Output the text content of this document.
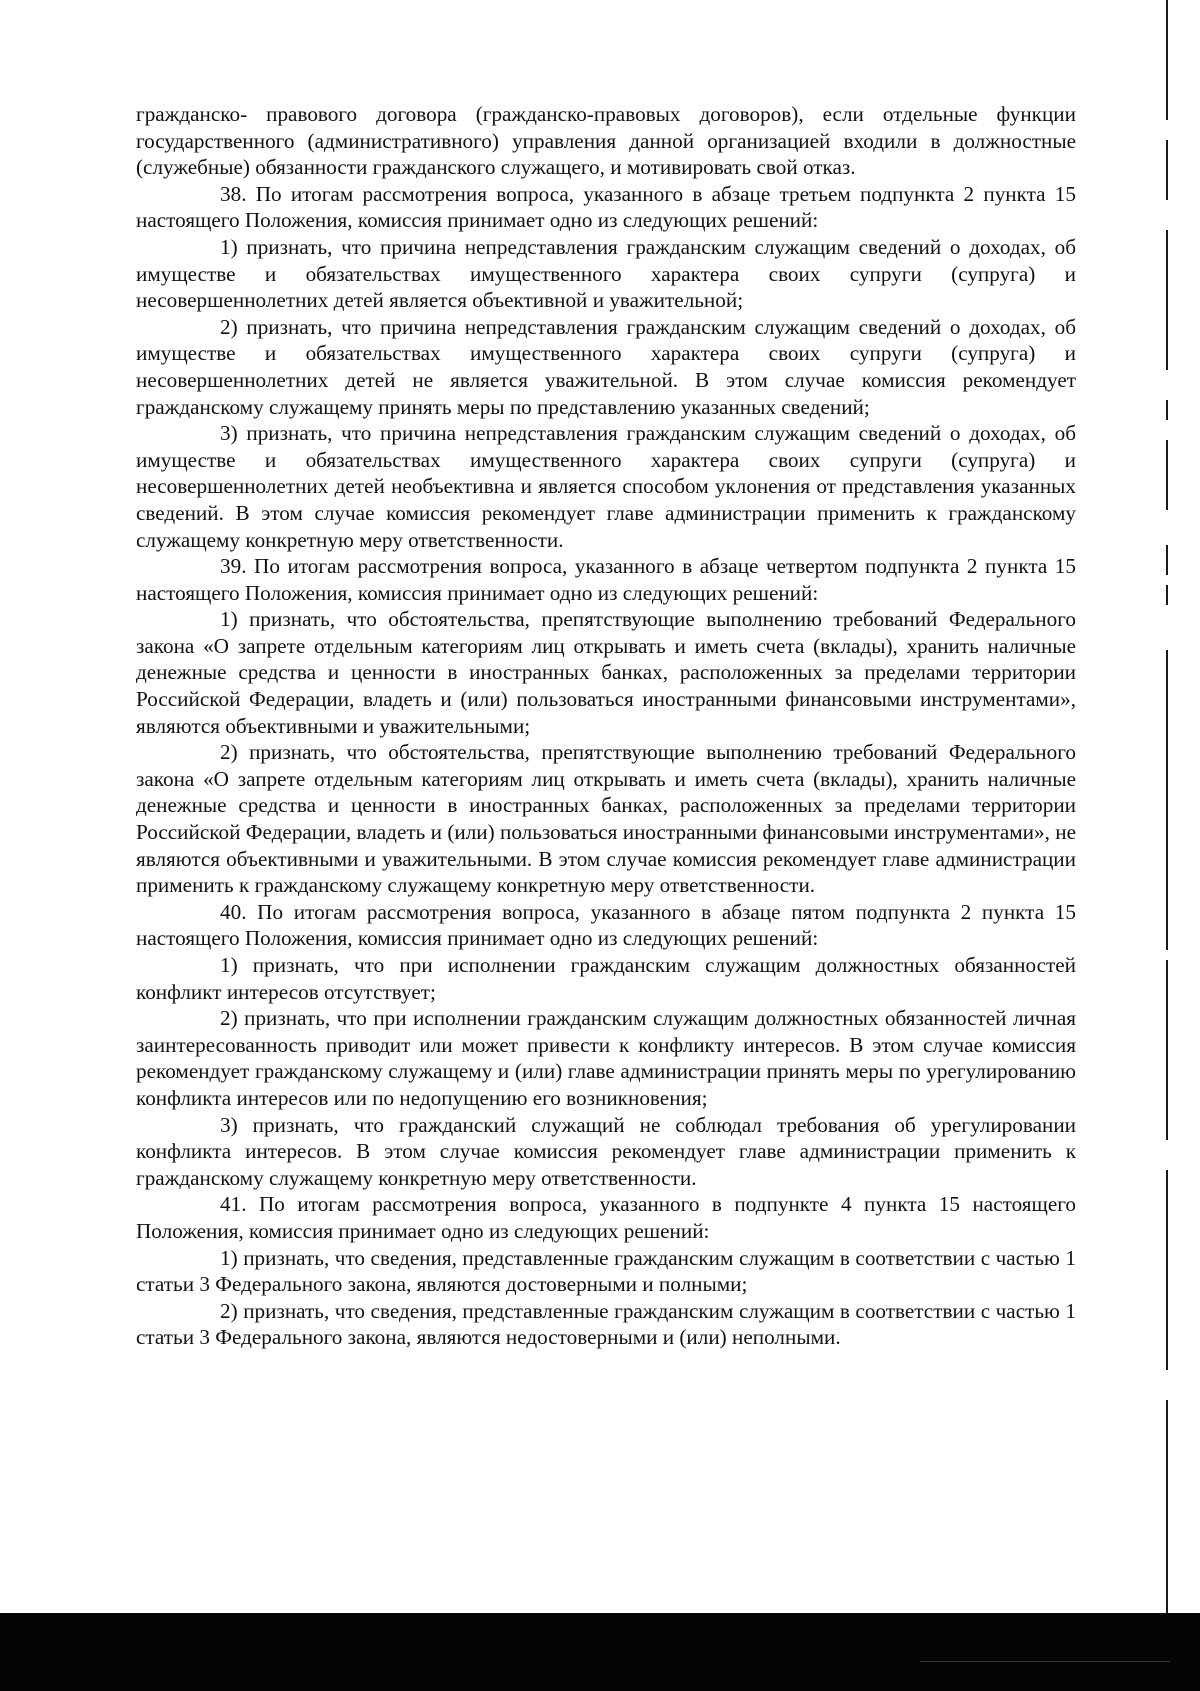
гражданско- правового договора (гражданско-правовых договоров), если отдельные функции государственного (административного) управления данной организацией входили в должностные (служебные) обязанности гражданского служащего, и мотивировать свой отказ.

38. По итогам рассмотрения вопроса, указанного в абзаце третьем подпункта 2 пункта 15 настоящего Положения, комиссия принимает одно из следующих решений:

1) признать, что причина непредставления гражданским служащим сведений о доходах, об имуществе и обязательствах имущественного характера своих супруги (супруга) и несовершеннолетних детей является объективной и уважительной;

2) признать, что причина непредставления гражданским служащим сведений о доходах, об имуществе и обязательствах имущественного характера своих супруги (супруга) и несовершеннолетних детей не является уважительной. В этом случае комиссия рекомендует гражданскому служащему принять меры по представлению указанных сведений;

3) признать, что причина непредставления гражданским служащим сведений о доходах, об имуществе и обязательствах имущественного характера своих супруги (супруга) и несовершеннолетних детей необъективна и является способом уклонения от представления указанных сведений. В этом случае комиссия рекомендует главе администрации применить к гражданскому служащему конкретную меру ответственности.

39. По итогам рассмотрения вопроса, указанного в абзаце четвертом подпункта 2 пункта 15 настоящего Положения, комиссия принимает одно из следующих решений:

1) признать, что обстоятельства, препятствующие выполнению требований Федерального закона «О запрете отдельным категориям лиц открывать и иметь счета (вклады), хранить наличные денежные средства и ценности в иностранных банках, расположенных за пределами территории Российской Федерации, владеть и (или) пользоваться иностранными финансовыми инструментами», являются объективными и уважительными;

2) признать, что обстоятельства, препятствующие выполнению требований Федерального закона «О запрете отдельным категориям лиц открывать и иметь счета (вклады), хранить наличные денежные средства и ценности в иностранных банках, расположенных за пределами территории Российской Федерации, владеть и (или) пользоваться иностранными финансовыми инструментами», не являются объективными и уважительными. В этом случае комиссия рекомендует главе администрации применить к гражданскому служащему конкретную меру ответственности.

40. По итогам рассмотрения вопроса, указанного в абзаце пятом подпункта 2 пункта 15 настоящего Положения, комиссия принимает одно из следующих решений:

1) признать, что при исполнении гражданским служащим должностных обязанностей конфликт интересов отсутствует;

2) признать, что при исполнении гражданским служащим должностных обязанностей личная заинтересованность приводит или может привести к конфликту интересов. В этом случае комиссия рекомендует гражданскому служащему и (или) главе администрации принять меры по урегулированию конфликта интересов или по недопущению его возникновения;

3) признать, что гражданский служащий не соблюдал требования об урегулировании конфликта интересов. В этом случае комиссия рекомендует главе администрации применить к гражданскому служащему конкретную меру ответственности.

41. По итогам рассмотрения вопроса, указанного в подпункте 4 пункта 15 настоящего Положения, комиссия принимает одно из следующих решений:

1) признать, что сведения, представленные гражданским служащим в соответствии с частью 1 статьи 3 Федерального закона, являются достоверными и полными;

2) признать, что сведения, представленные гражданским служащим в соответствии с частью 1 статьи 3 Федерального закона, являются недостоверными и (или) неполными.
